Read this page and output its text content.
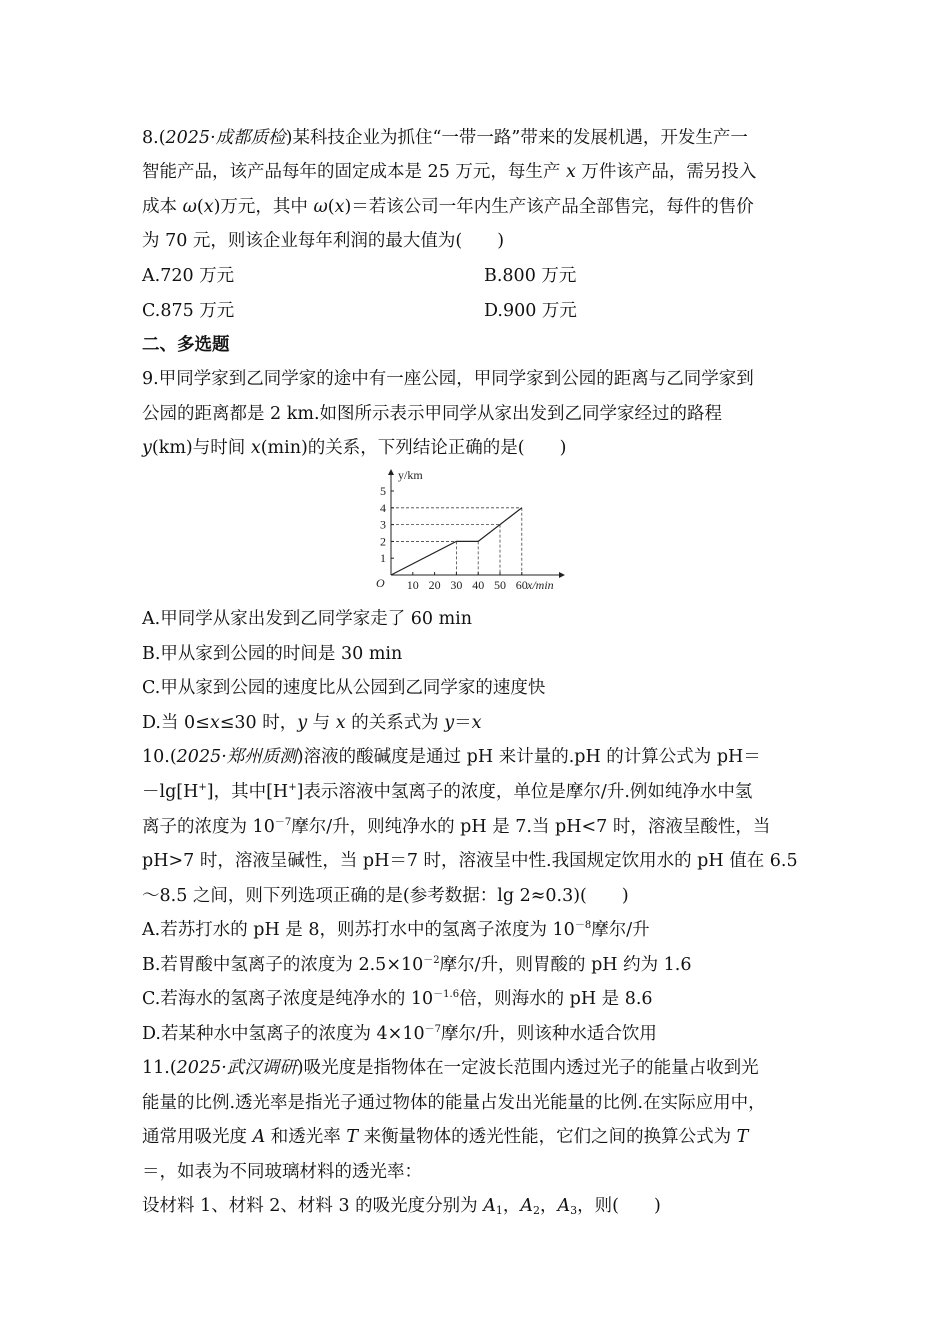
8.(2025·成都质检)某科技企业为抓住“一带一路”带来的发展机遇，开发生产一
智能产品，该产品每年的固定成本是 25 万元，每生产 x 万件该产品，需另投入
成本 ω(x)万元，其中 ω(x)＝若该公司一年内生产该产品全部售完，每件的售价
为 70 元，则该企业每年利润的最大值为(　　)
A.720 万元	B.800 万元
C.875 万元	D.900 万元
二、多选题
9.甲同学家到乙同学家的途中有一座公园，甲同学家到公园的距离与乙同学家到
公园的距离都是 2 km.如图所示表示甲同学从家出发到乙同学家经过的路程
y(km)与时间 x(min)的关系，下列结论正确的是(　　)
10 20 30 40 50 60
1
2
3
4
5
y/km
x/min
O
A.甲同学从家出发到乙同学家走了 60 min
B.甲从家到公园的时间是 30 min
C.甲从家到公园的速度比从公园到乙同学家的速度快
D.当 0≤x≤30 时，y 与 x 的关系式为 y＝x
10.(2025·郑州质测)溶液的酸碱度是通过 pH 来计量的.pH 的计算公式为 pH＝
－lg[H+]，其中[H+]表示溶液中氢离子的浓度，单位是摩尔/升.例如纯净水中氢
离子的浓度为 $10^{-7}$摩尔/升，则纯净水的 pH 是 7.当 pH<7 时，溶液呈酸性，当
pH>7 时，溶液呈碱性，当 pH＝7 时，溶液呈中性.我国规定饮用水的 pH 值在 6.5
～8.5 之间，则下列选项正确的是(参考数据：lg 2≈0.3)(　　)
A.若苏打水的 pH 是 8，则苏打水中的氢离子浓度为 $10^{-8}$摩尔/升
B.若胃酸中氢离子的浓度为 $2.5\times 10^{-2}$摩尔/升，则胃酸的 pH 约为 1.6
C.若海水的氢离子浓度是纯净水的 $10^{-1.6}$倍，则海水的 pH 是 8.6
D.若某种水中氢离子的浓度为 $4\times 10^{-7}$摩尔/升，则该种水适合饮用
11.(2025·武汉调研)吸光度是指物体在一定波长范围内透过光子的能量占收到光
能量的比例.透光率是指光子通过物体的能量占发出光能量的比例.在实际应用中，
通常用吸光度 A 和透光率 T 来衡量物体的透光性能，它们之间的换算公式为 T
＝，如表为不同玻璃材料的透光率：
设材料 1、材料 2、材料 3 的吸光度分别为 $A_1$，$A_2$，$A_3$，则(　　)
